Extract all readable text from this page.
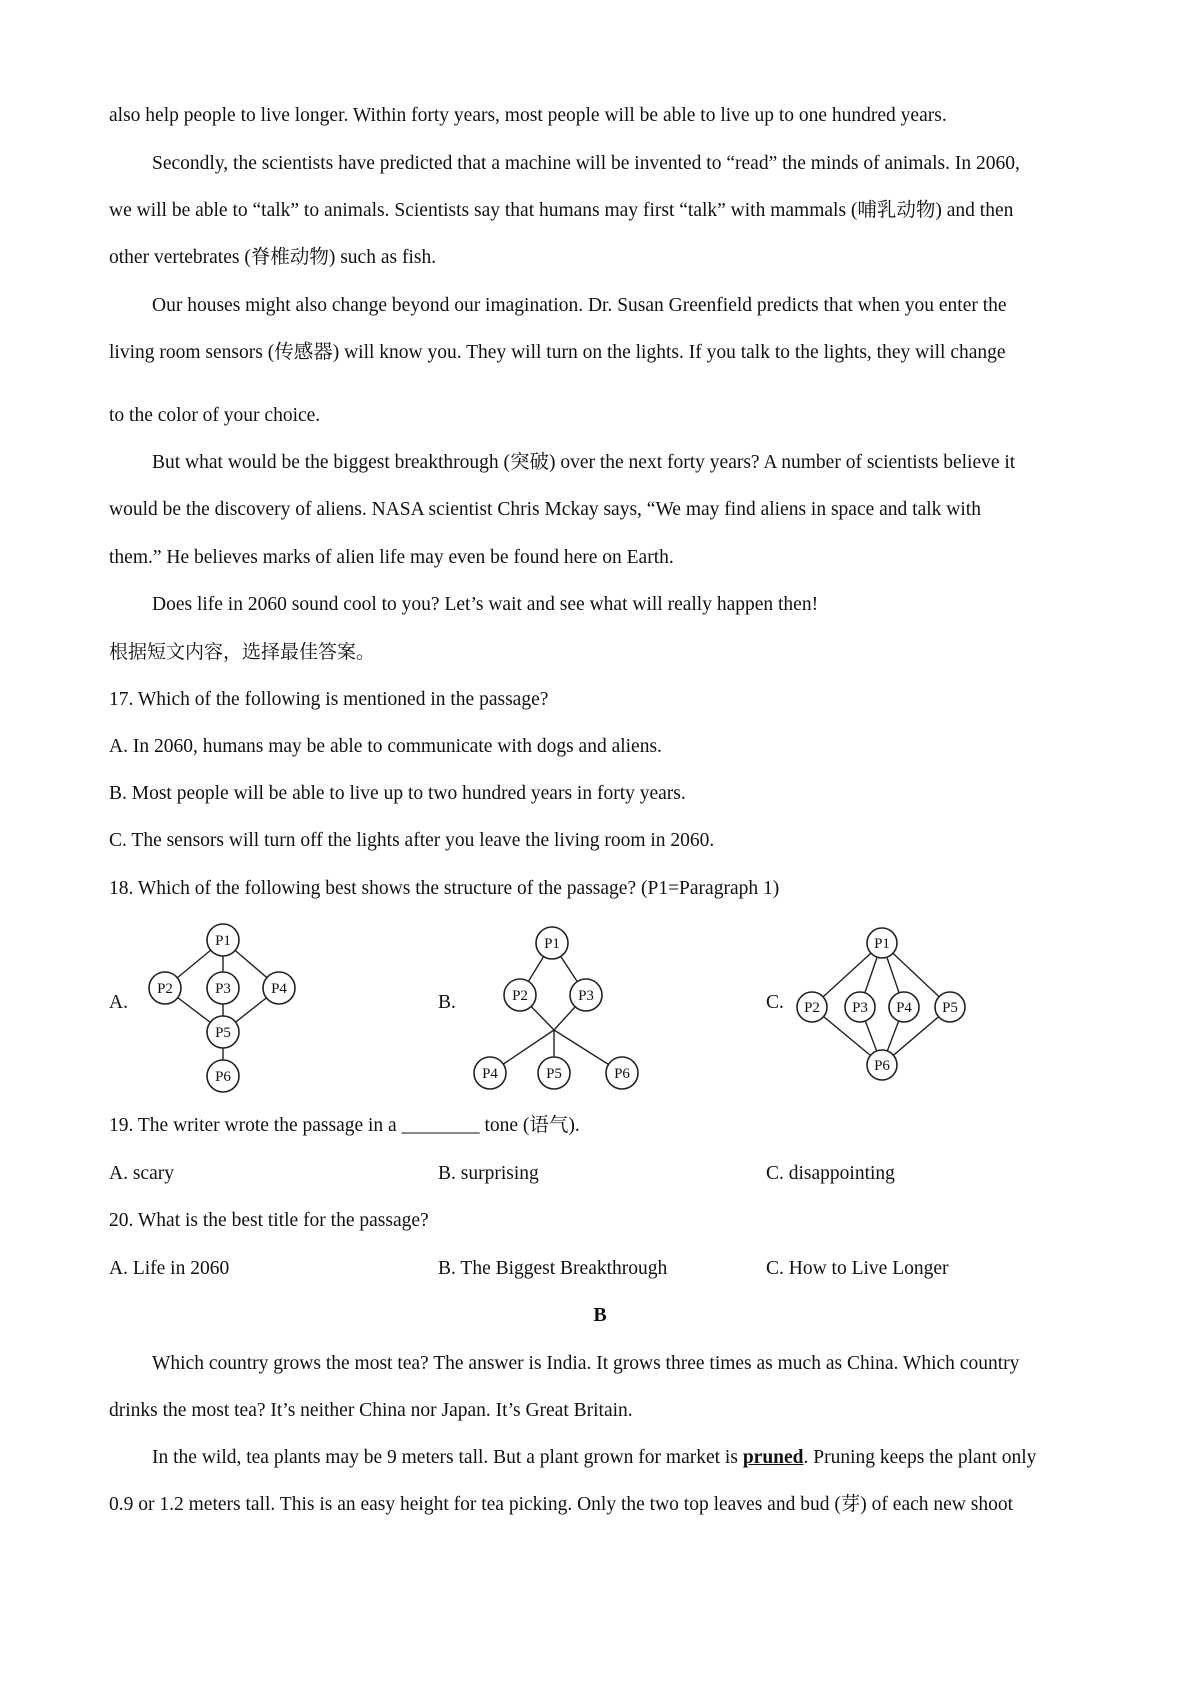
also help people to live longer. Within forty years, most people will be able to live up to one hundred years.
Secondly, the scientists have predicted that a machine will be invented to “read” the minds of animals. In 2060,
we will be able to “talk” to animals. Scientists say that humans may first “talk” with mammals (哺乳动物) and then
other vertebrates (脊椎动物) such as fish.
Our houses might also change beyond our imagination. Dr. Susan Greenfield predicts that when you enter the
living room sensors (传感器) will know you. They will turn on the lights. If you talk to the lights, they will change
to the color of your choice.
But what would be the biggest breakthrough (突破) over the next forty years? A number of scientists believe it
would be the discovery of aliens. NASA scientist Chris Mckay says, “We may find aliens in space and talk with
them.” He believes marks of alien life may even be found here on Earth.
Does life in 2060 sound cool to you? Let’s wait and see what will really happen then!
根据短文内容，选择最佳答案。
17. Which of the following is mentioned in the passage?
A. In 2060, humans may be able to communicate with dogs and aliens.
B. Most people will be able to live up to two hundred years in forty years.
C. The sensors will turn off the lights after you leave the living room in 2060.
18. Which of the following best shows the structure of the passage? (P1=Paragraph 1)
A.	B.	C.
P1
P2	P3	P4
P5
P6
P1
P2	P3
P4	P5	P6
P1
P2 P3 P4 P5
P6
19. The writer wrote the passage in a ________ tone (语气).
A. scary	B. surprising	C. disappointing
20. What is the best title for the passage?
A. Life in 2060	B. The Biggest Breakthrough	C. How to Live Longer
B
Which country grows the most tea? The answer is India. It grows three times as much as China. Which country
drinks the most tea? It’s neither China nor Japan. It’s Great Britain.
In the wild, tea plants may be 9 meters tall. But a plant grown for market is pruned. Pruning keeps the plant only
0.9 or 1.2 meters tall. This is an easy height for tea picking. Only the two top leaves and bud (芽) of each new shoot
